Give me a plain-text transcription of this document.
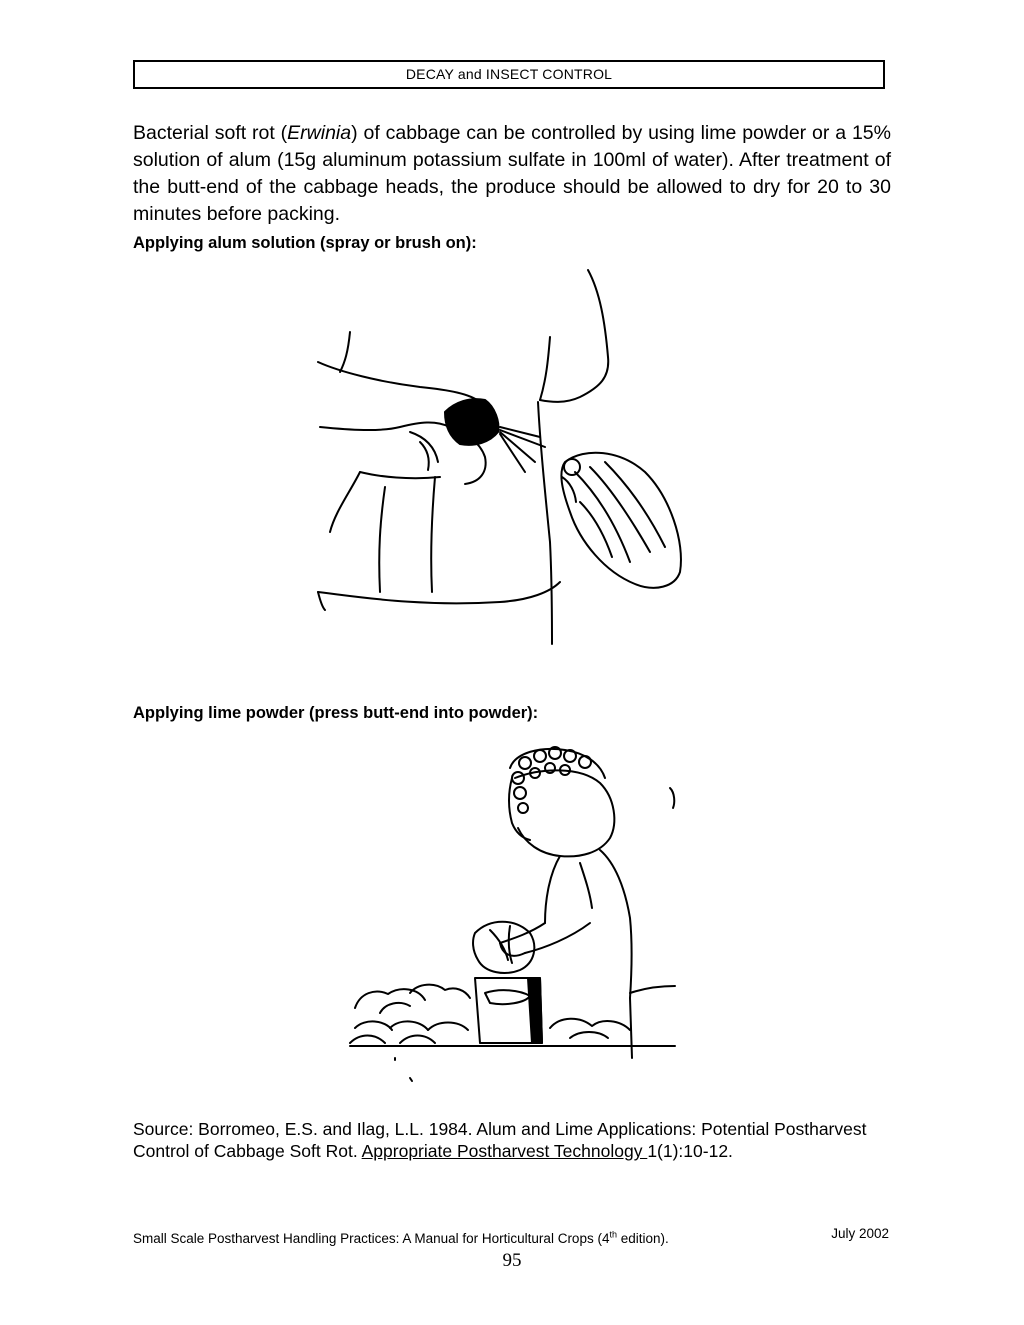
DECAY and INSECT CONTROL

Bacterial soft rot (Erwinia) of cabbage can be controlled by using lime powder or a 15% solution of alum (15g aluminum potassium sulfate in 100ml of water). After treatment of the butt-end of the cabbage heads, the produce should be allowed to dry for 20 to 30 minutes before packing.

Applying alum solution (spray or brush on):
Applying lime powder (press butt-end into powder):

Source: Borromeo, E.S. and Ilag, L.L. 1984. Alum and Lime Applications: Potential Postharvest Control of Cabbage Soft Rot. Appropriate Postharvest Technology 1(1):10-12.

Small Scale Postharvest Handling Practices: A Manual for Horticultural Crops (4th edition).	July 2002
95
